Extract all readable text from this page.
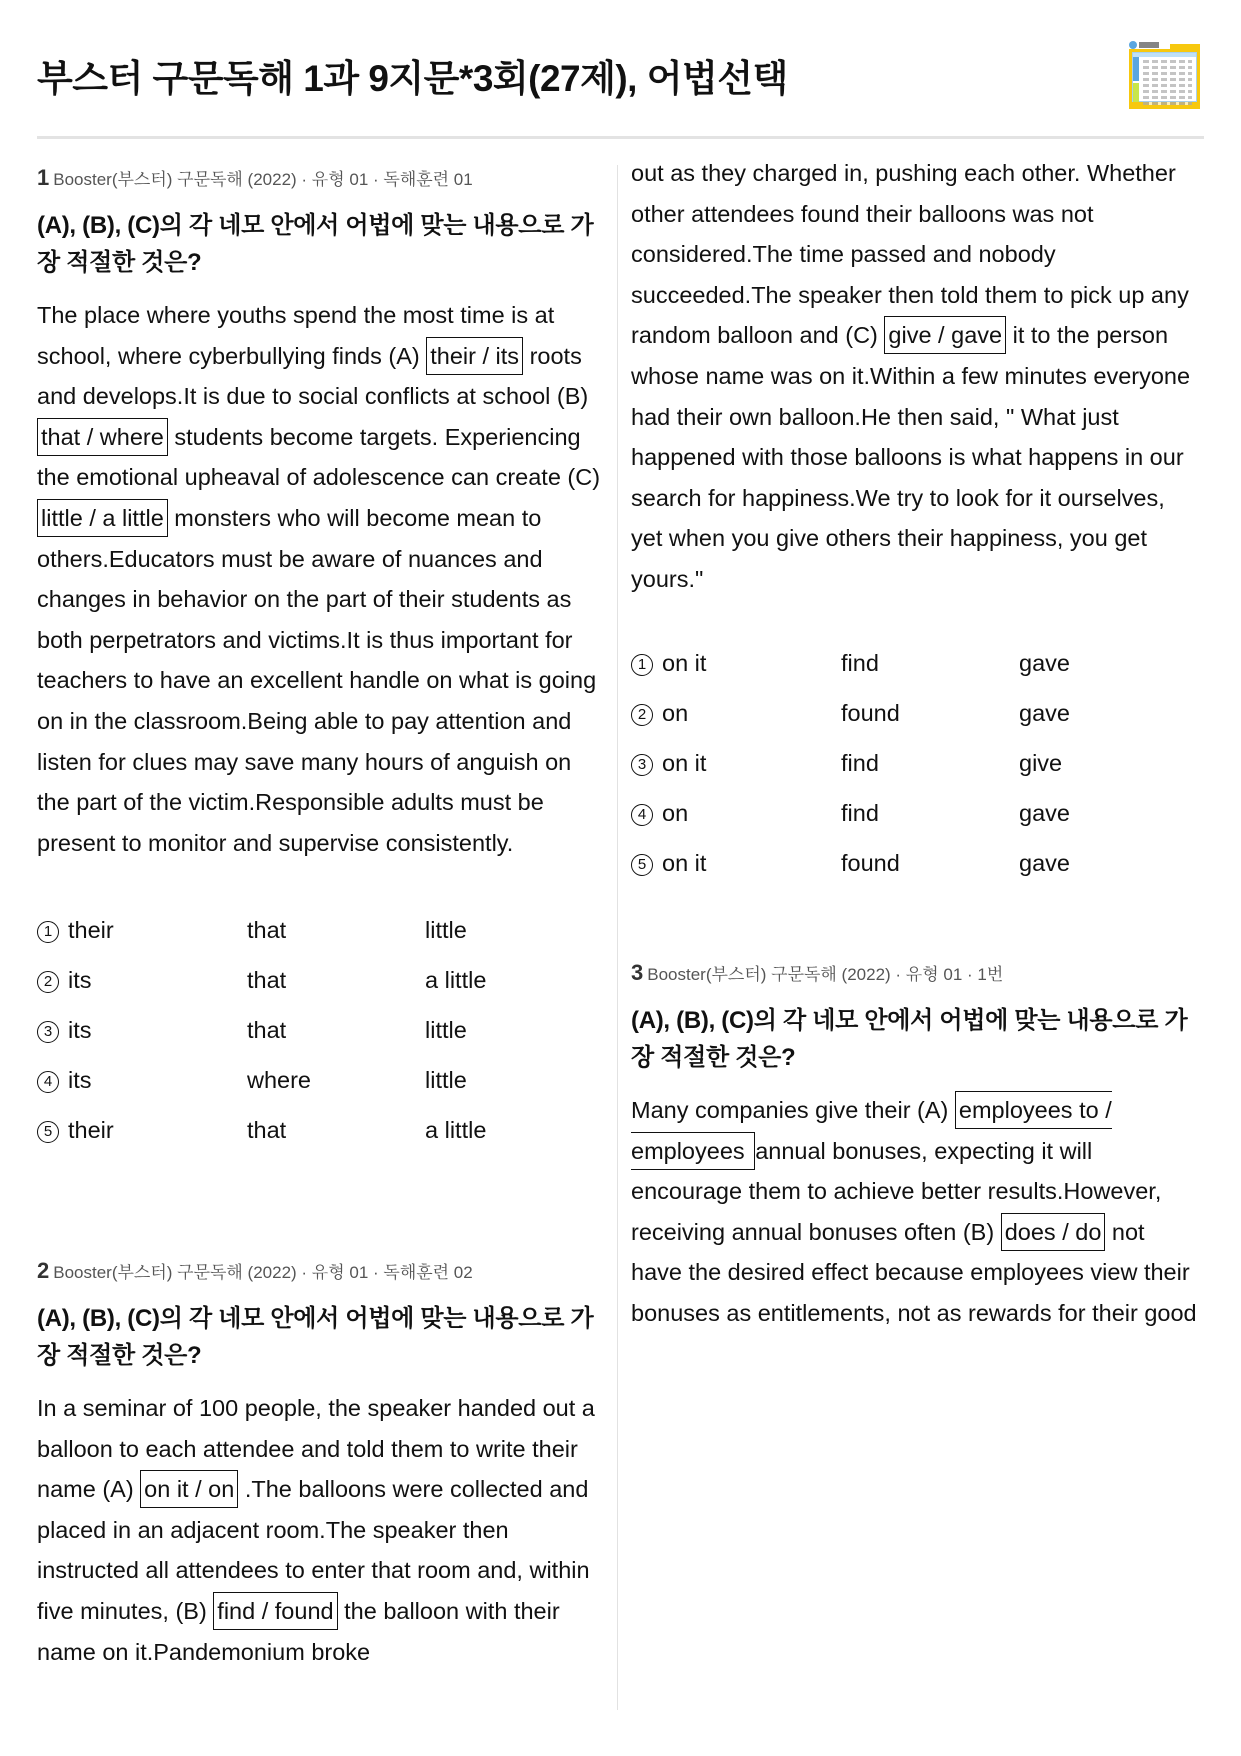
부스터 구문독해 1과 9지문*3회(27제), 어법선택
1 Booster(부스터) 구문독해 (2022) · 유형 01 · 독해훈련 01
(A), (B), (C)의 각 네모 안에서 어법에 맞는 내용으로 가장 적절한 것은?
The place where youths spend the most time is at school, where cyberbullying finds (A) their / its roots and develops.It is due to social conflicts at school (B) that / where students become targets. Experiencing the emotional upheaval of adolescence can create (C) little / a little monsters who will become mean to others.Educators must be aware of nuances and changes in behavior on the part of their students as both perpetrators and victims.It is thus important for teachers to have an excellent handle on what is going on in the classroom.Being able to pay attention and listen for clues may save many hours of anguish on the part of the victim.Responsible adults must be present to monitor and supervise consistently.
1 their	that	little
2 its	that	a little
3 its	that	little
4 its	where	little
5 their	that	a little
2 Booster(부스터) 구문독해 (2022) · 유형 01 · 독해훈련 02
(A), (B), (C)의 각 네모 안에서 어법에 맞는 내용으로 가장 적절한 것은?
In a seminar of 100 people, the speaker handed out a balloon to each attendee and told them to write their name (A) on it / on .The balloons were collected and placed in an adjacent room.The speaker then instructed all attendees to enter that room and, within five minutes, (B) find / found the balloon with their name on it.Pandemonium broke
out as they charged in, pushing each other. Whether other attendees found their balloons was not considered.The time passed and nobody succeeded.The speaker then told them to pick up any random balloon and (C) give / gave it to the person whose name was on it.Within a few minutes everyone had their own balloon.He then said, " What just happened with those balloons is what happens in our search for happiness.We try to look for it ourselves, yet when you give others their happiness, you get yours."
1 on it	find	gave
2 on	found	gave
3 on it	find	give
4 on	find	gave
5 on it	found	gave
3 Booster(부스터) 구문독해 (2022) · 유형 01 · 1번
(A), (B), (C)의 각 네모 안에서 어법에 맞는 내용으로 가장 적절한 것은?
Many companies give their (A) employees to / employees annual bonuses, expecting it will encourage them to achieve better results.However, receiving annual bonuses often (B) does / do not have the desired effect because employees view their bonuses as entitlements, not as rewards for their good
